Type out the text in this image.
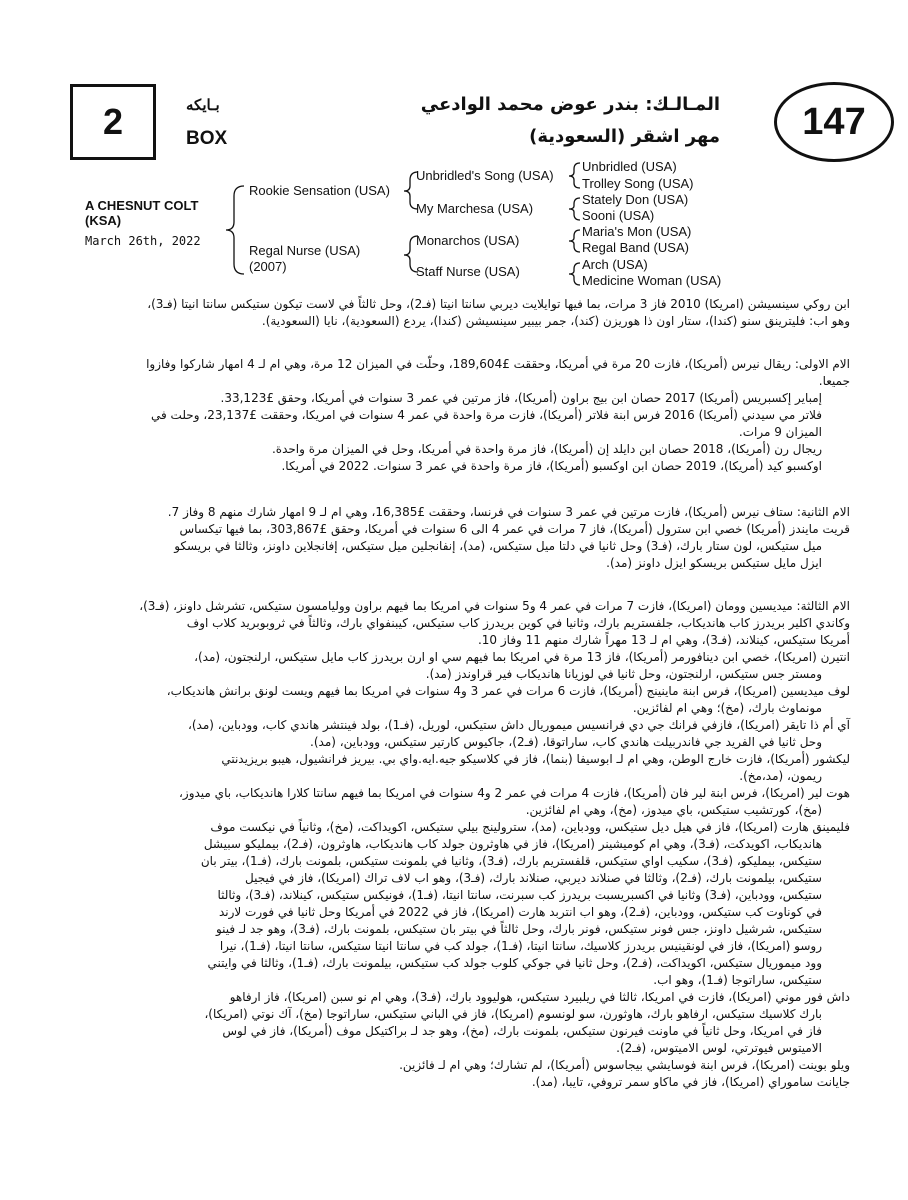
2	بـايكه
BOX
المـالـك: بندر عوض محمد الوادعي
مهر اشقر (السعودية)	147
A CHESNUT COLT
(KSA)
March 26th, 2022
Rookie Sensation (USA)
Regal Nurse (USA)
(2007)
Unbridled's Song (USA)
My Marchesa (USA)
Monarchos (USA)
Staff Nurse (USA)
Unbridled (USA)
Trolley Song (USA)
Stately Don (USA)
Sooni (USA)
Maria's Mon (USA)
Regal Band (USA)
Arch (USA)
Medicine Woman (USA)

ابن روكي سينسيشن (امريكا) 2010 فاز 3 مرات، بما فيها توايلايت ديربي سانتا انيتا (فـ2)، وحل ثالثاً في لاست تيكون ستيكس سانتا انيتا (فـ3)،

وهو اب: فليترينق سنو (كندا)، ستار اون ذا هوريزن (كند)، جمر بيبير سينسيشن (كندا)، يردع (السعودية)، نايا (السعودية).

الام الاولى: ريقال نيرس (أمريكا)، فازت 20 مرة في أمريكا، وحققت £189,604، وحلّت في الميزان 12 مرة، وهي ام لـ 4 امهار شاركوا وفازوا

جميعا.

إمباير إكسبريس (أمريكا) 2017 حصان ابن بيج براون (أمريكا)، فاز مرتين في عمر 3 سنوات في أمريكا، وحقق £33,123.

فلاتر مي سيدني (أمريكا) 2016 فرس ابنة فلاتر (أمريكا)، فازت مرة واحدة في عمر 4 سنوات في امريكا، وحققت £23,137، وحلت في

الميزان 9 مرات.

ريجال رن (أمريكا)، 2018 حصان ابن دايلد إن (أمريكا)، فاز مرة واحدة في أمريكا، وحل في الميزان مرة واحدة.

اوكسبو كيد (أمريكا)، 2019 حصان ابن اوكسبو (أمريكا)، فاز مرة واحدة في عمر 3 سنوات. 2022 في أمريكا.

الام الثانية: ستاف نيرس (أمريكا)، فازت مرتين في عمر 3 سنوات في فرنسا، وحققت £16,385، وهي ام لـ 9 امهار شارك منهم 8 وفاز 7.

قريت مايندز (أمريكا) خصي ابن سترول (أمريكا)، فاز 7 مرات في عمر 4 الى 6 سنوات في أمريكا، وحقق £303,867، بما فيها تيكساس

ميل ستيكس، لون ستار بارك، (فـ3) وحل ثانيا في دلتا ميل ستيكس، (مد)، إنفانجلين ميل ستيكس، إفانجلاين داونز، وثالثا في بريسكو

ايزل مايل ستيكس بريسكو ايزل داونز (مد).

الام الثالثة: ميديسين وومان (امريكا)، فازت 7 مرات في عمر 4 و5 سنوات في امريكا بما فيهم براون ووليامسون ستيكس، تشرشل داونز، (فـ3)،

وكاندي اكلير بريدرز كاب هانديكاب، جلفستريم بارك، وثانيا في كوين بريدرز كاب ستيكس، كيبنفواي بارك، وثالثاً في ثروبوبريد كلاب اوف

أمريكا ستيكس، كينلاند، (فـ3)، وهي ام لـ 13 مهراً شارك منهم 11 وفاز 10.

انتيرن (امريكا)، خصي ابن دينافورمر (أمريكا)، فاز 13 مرة في امريكا بما فيهم سي او ارن بريدرز كاب مايل ستيكس، ارلنجتون، (مد)،

ومستر جس ستيكس، ارلنجتون، وحل ثانيا في لوزيانا هانديكاب فير قراوندز (مد).

لوف ميديسين (امريكا)، فرس ابنة ماينينج (أمريكا)، فازت 6 مرات في عمر 3 و4 سنوات في امريكا بما فيهم ويست لونق برانش هانديكاب،

مونماوث بارك، (مخ)؛ وهي ام لفائزين.

آي أم ذا تايقر (امريكا)، فازفي فرانك جي دي فرانسيس ميموريال داش ستيكس، لوريل، (فـ1)، بولد فينتشر هاندي كاب، وودباين، (مد)،

وحل ثانيا في الفريد جي فاندربيلت هاندي كاب، ساراتوقا، (فـ2)، جاكيوس كارتير ستيكس، وودباين، (مد).

ليكشور (أمريكا)، فازت خارج الوطن، وهي ام لـ ابوسيفا (بنما)، فاز في كلاسيكو جيه.ايه.واي بي. بيريز فرانشيول، هيبو بريزيدنتي

ريمون، (مد،مخ).

هوت لير (امريكا)، فرس ابنة لير فان (أمريكا)، فازت 4 مرات في عمر 2 و4 سنوات في امريكا بما فيهم سانتا كلارا هانديكاب، باي ميدوز،

(مخ)، كورتشيب ستيكس، باي ميدوز، (مخ)، وهي ام لفائزين.

فليمينق هارت (امريكا)، فاز في هيل ديل ستيكس، وودباين، (مد)، سترولينج بيلي ستيكس، اكويداكت، (مخ)، وثانياً في نيكست موف

هانديكاب، اكويدكت، (فـ3)، وهي ام كوميشينر (امريكا)، فاز في هاوثرون جولد كاب هانديكاب، هاوثرون، (فـ2)، بيمليكو سبيشل

ستيكس، بيمليكو، (فـ3)، سكيب اواي ستيكس، قلفستريم بارك، (فـ3)، وثانيا في بلمونت ستيكس، بلمونت بارك، (فـ1)، بيتر بان

ستيكس، بيلمونت بارك، (فـ2)، وثالثا في صنلاند ديربي، صنلاند بارك، (فـ3)، وهو اب لاف تراك (امريكا)، فاز في فيجيل

ستيكس، وودباين، (فـ3) وثانيا في اكسبريسبت بريدرز كب سبرنت، سانتا انيتا، (فـ1)، فونيكس ستيكس، كينلاند، (فـ3)، وثالثا

في كوناوت كب ستيكس، وودباين، (فـ2)، وهو اب انتربد هارت (امريكا)، فاز في 2022 في أمريكا وحل ثانيا في فورت لارند

ستيكس، شرشيل داونز، جس فونر ستيكس، فونر بارك، وحل ثالثاً في بيتر بان ستيكس، بلمونت بارك، (فـ3)، وهو جد لـ فينو

روسو (امريكا)، فاز في لونقينيس بريدرز كلاسيك، سانتا انيتا، (فـ1)، جولد كب في سانتا انيتا ستيكس، سانتا انيتا، (فـ1)، نيرا

وود ميموريال ستيكس، اكويداكت، (فـ2)، وحل ثانيا في جوكي كلوب جولد كب ستيكس، بيلمونت بارك، (فـ1)، وثالثا في وايتني

ستيكس، ساراتوجا (فـ1)، وهو اب.

داش فور موني (امريكا)، فازت في امريكا، ثالثا في ريلبيرد ستيكس، هوليوود بارك، (فـ3)، وهي ام نو سبن (امريكا)، فاز ارفاهو

بارك كلاسيك ستيكس، ارفاهو بارك، هاوثورن، سو لونسوم (امريكا)، فاز في الباني ستيكس، ساراتوجا (مخ)، آك نوتي (امريكا)،

فاز في امريكا، وحل ثانياً في ماونت فيرنون ستيكس، بلمونت بارك، (مخ)، وهو جد لـ براكتيكل موف (أمريكا)، فاز في لوس

الاميتوس فيوترتي، لوس الاميتوس، (فـ2).

ويلو بوينت (امريكا)، فرس ابنة فوسايشي بيجاسوس (أمريكا)، لم تشارك؛ وهي ام لـ فائزين.

جايانت ساموراي (امريكا)، فاز في ماكاو سمر تروفي، تايبا، (مد).
